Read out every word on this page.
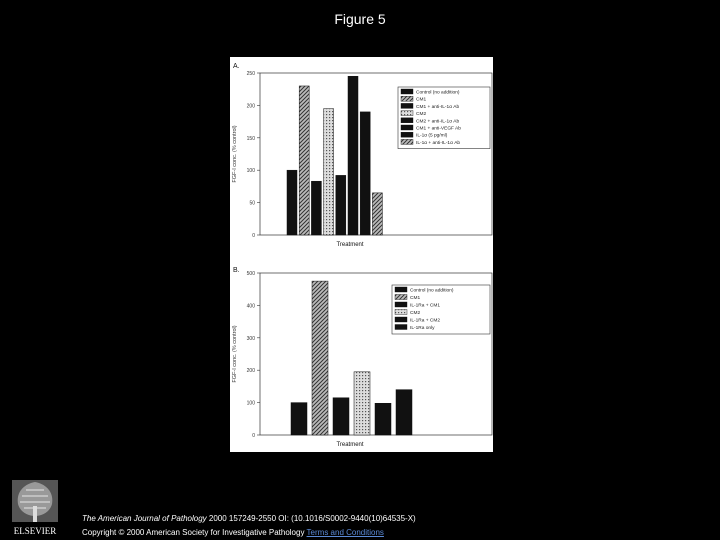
Figure 5
A.
0
50
100
150
200
250
FGF-I conc. (% control)
Treatment
Control (no addition)
CM1
CM1 + anti-IL-1α Ab
CM2
CM2 + anti-IL-1α Ab
CM1 + anti-VEGF Ab
IL-1α (5 pg/ml)
IL-1α + anti-IL-1α Ab
B.
0
100
200
300
400
500
FGF-I conc. (% control)
Treatment
Control (no addition)
CM1
IL-1Ra + CM1
CM2
IL-1Ra + CM2
IL-1Ra only
ELSEVIER
The American Journal of Pathology 2000 157249-2550 OI: (10.1016/S0002-9440(10)64535-X)
Copyright © 2000 American Society for Investigative Pathology Terms and Conditions
